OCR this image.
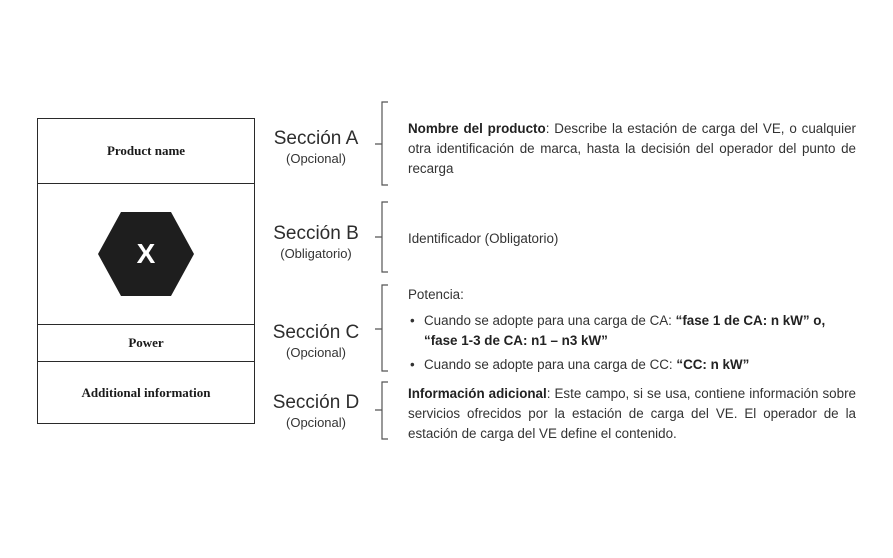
Product name
X
Power
Additional information
Sección A
(Opcional)
Sección B
(Obligatorio)
Sección C
(Opcional)
Sección D
(Opcional)
Nombre del producto: Describe la estación de carga del VE, o cualquier otra identificación de marca, hasta la decisión del operador del punto de recarga
Identificador (Obligatorio)
Potencia:
• Cuando se adopte para una carga de CA: “fase 1 de CA: n kW” o, “fase 1-3 de CA: n1 – n3 kW”
• Cuando se adopte para una carga de CC: “CC: n kW”
Información adicional: Este campo, si se usa, contiene información sobre servicios ofrecidos por la estación de carga del VE. El operador de la estación de carga del VE define el contenido.
